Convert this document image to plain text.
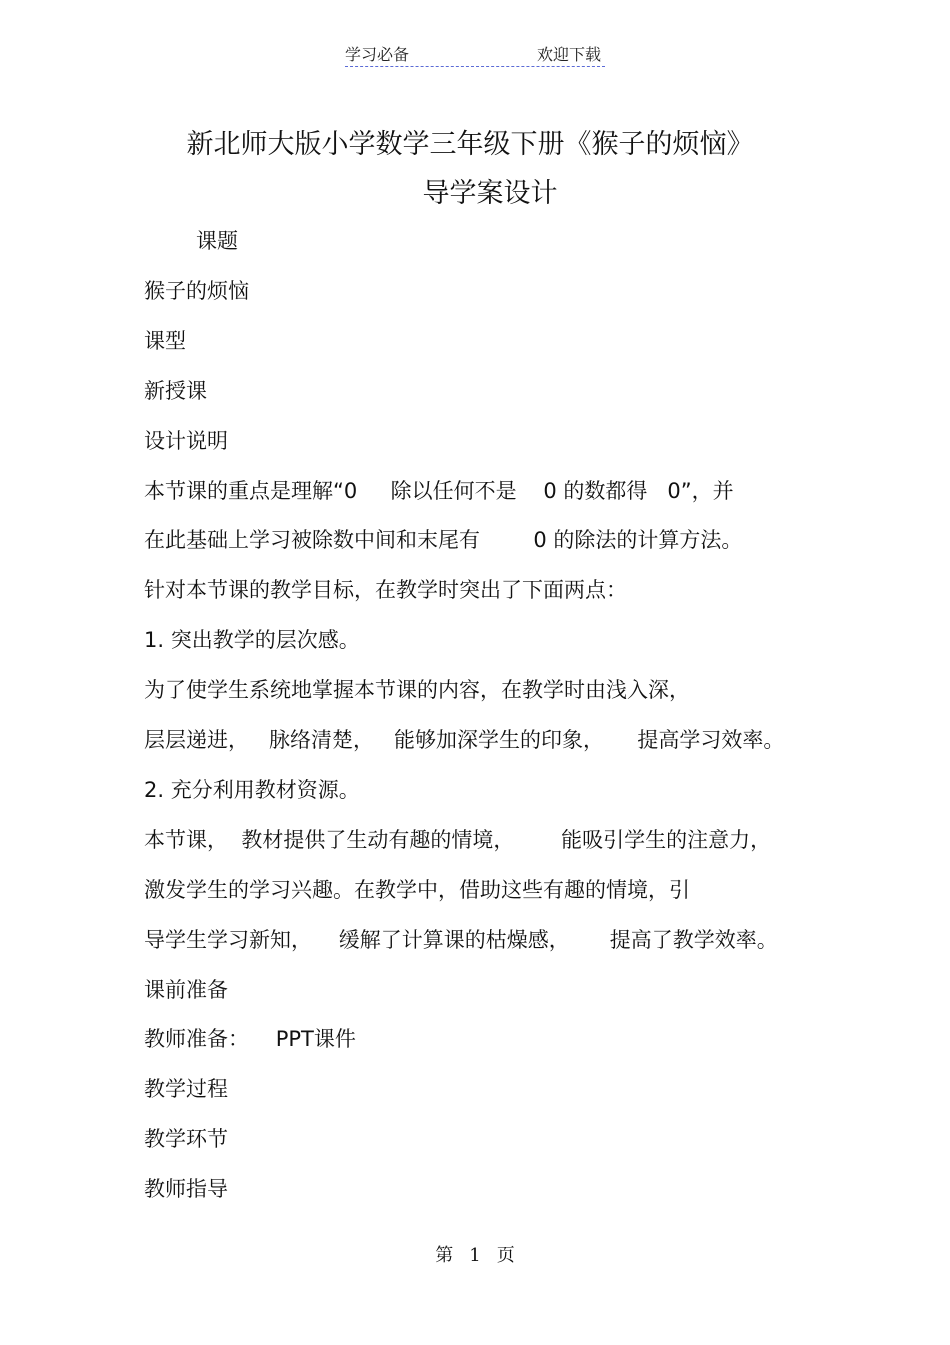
学习必备	欢迎下载
新北师大版小学数学三年级下册《猴子的烦恼》
导学案设计
课题
猴子的烦恼
课型
新授课
设计说明
本节课的重点是理解“0     除以任何不是    0 的数都得   0”，并
在此基础上学习被除数中间和末尾有        0 的除法的计算方法。
针对本节课的教学目标，在教学时突出了下面两点：
1. 突出教学的层次感。
为了使学生系统地掌握本节课的内容，在教学时由浅入深，
层层递进，   脉络清楚，   能够加深学生的印象，     提高学习效率。
2. 充分利用教材资源。
本节课，  教材提供了生动有趣的情境，       能吸引学生的注意力，
激发学生的学习兴趣。在教学中，借助这些有趣的情境，引
导学生学习新知，    缓解了计算课的枯燥感，      提高了教学效率。
课前准备
教师准备：    PPT课件
教学过程
教学环节
教师指导
第 1 页
